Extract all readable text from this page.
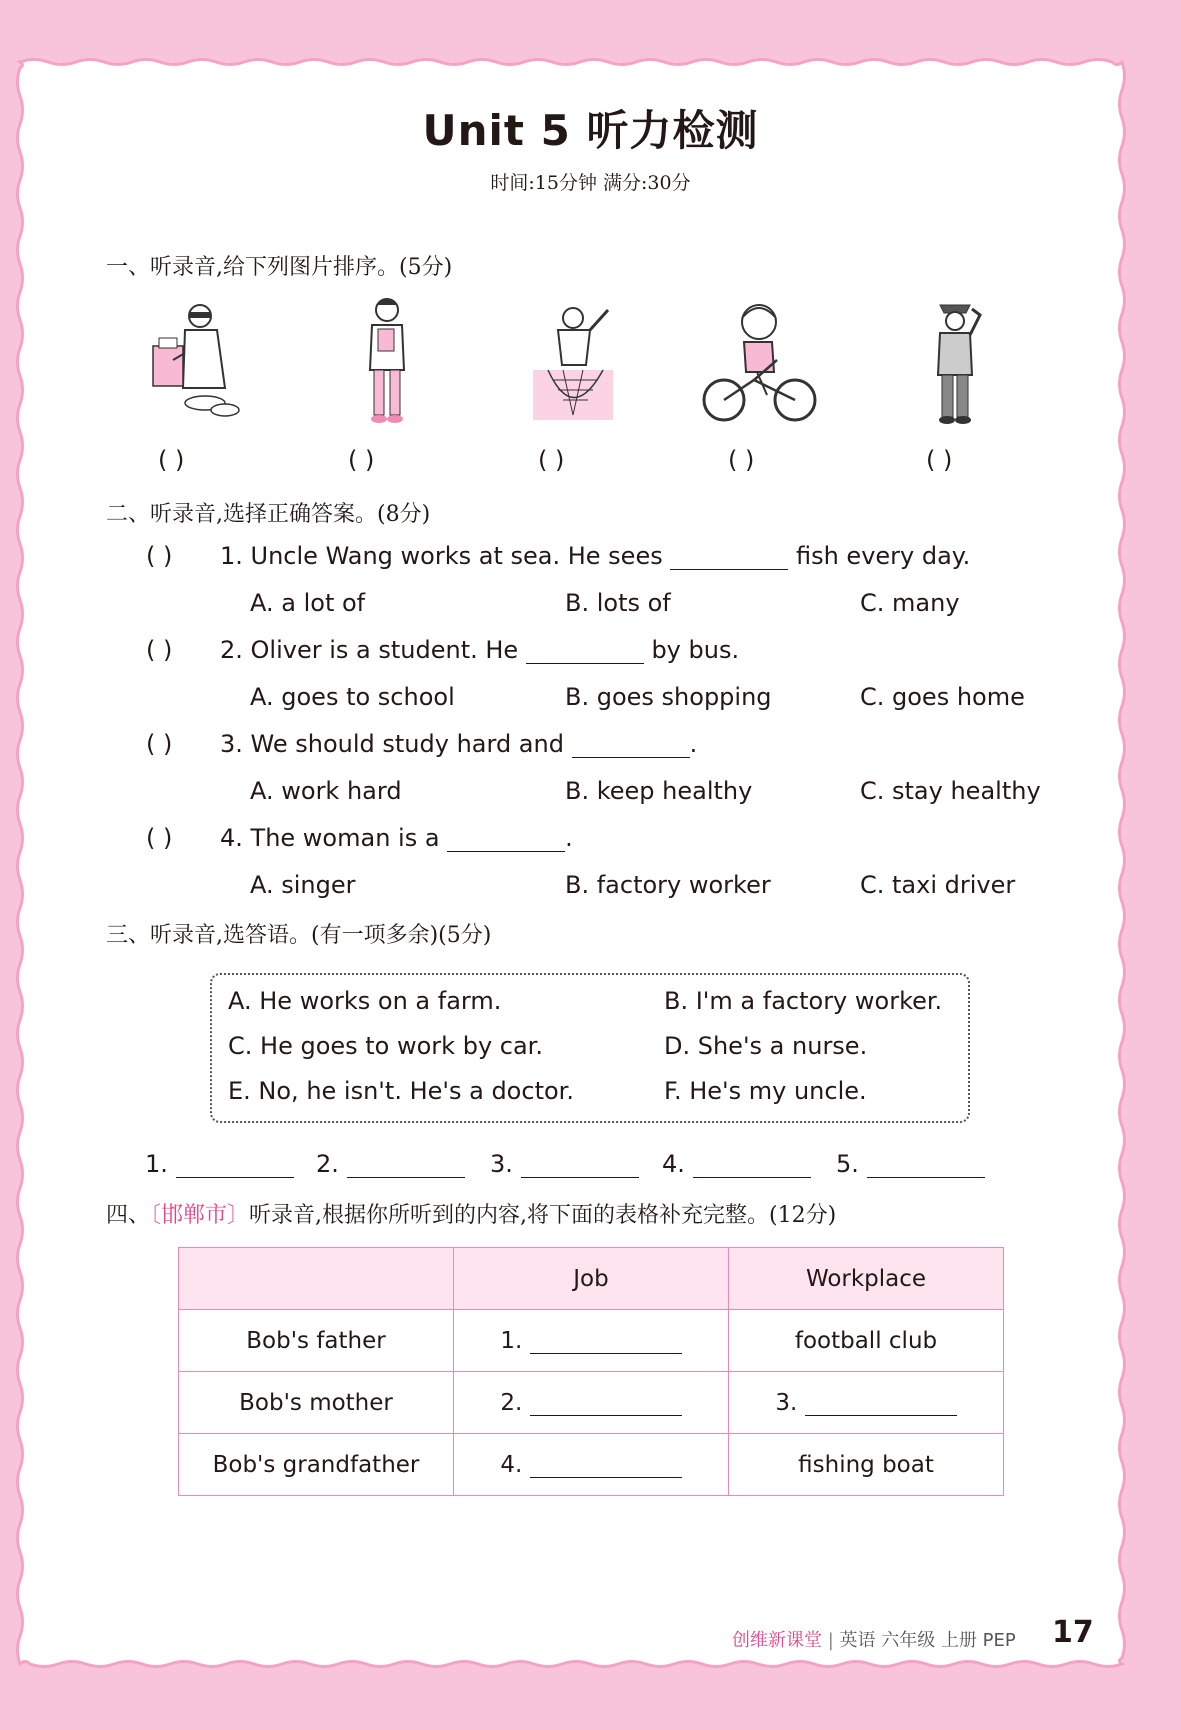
Unit 5 听力检测
时间:15分钟 满分:30分
一、听录音,给下列图片排序。(5分)
( )	( )	( )	( )	( )
二、听录音,选择正确答案。(8分)
( ) 1. Uncle Wang works at sea. He sees	fish every day.
A. a lot of	B. lots of	C. many
( ) 2. Oliver is a student. He	by bus.
A. goes to school	B. goes shopping	C. goes home
( ) 3. We should study hard and	.
A. work hard	B. keep healthy	C. stay healthy
( ) 4. The woman is a	.
A. singer	B. factory worker	C. taxi driver
三、听录音,选答语。(有一项多余)(5分)
A. He works on a farm.	B. I'm a factory worker.
C. He goes to work by car.	D. She's a nurse.
E. No, he isn't. He's a doctor.	F. He's my uncle.
1.	2.	3.	4.	5.
四、〔邯郸市〕听录音,根据你所听到的内容,将下面的表格补充完整。(12分)
	Job	Workplace
Bob's father	1.	football club
Bob's mother	2.	3.
Bob's grandfather	4.	fishing boat
创维新课堂 | 英语 六年级 上册 PEP 17
